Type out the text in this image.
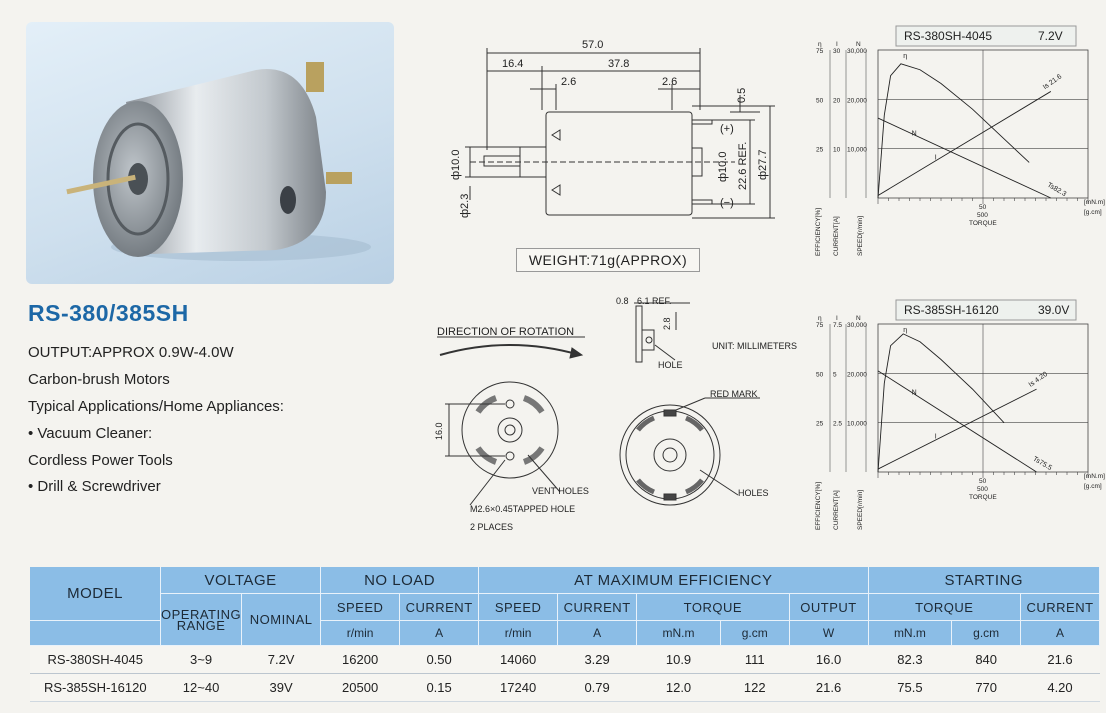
RS-380/385SH
OUTPUT:APPROX 0.9W-4.0W
Carbon-brush Motors
Typical Applications/Home Appliances:
• Vacuum Cleaner:
Cordless Power Tools
• Drill & Screwdriver
57.0
16.4	37.8
2.6	2.6
0.5
ф10.0
ф2.3
ф10.0 22.6 REF. ф27.7
(+)
(−)
0.8 6.1 REF.
2.8
HOLE
UNIT: MILLIMETERS
16.0
VENT HOLES
M2.6×0.45TAPPED HOLE
2 PLACES
RED MARK
HOLES
DIRECTION OF ROTATION
WEIGHT:71g(APPROX)
RS-380SH-4045	7.2V
η I	N
75 30 30,000
50 20 20,000
25 10 10,000
50
500
TORQUE
[mN.m]
[g.cm]
EFFICIENCY[%] CURRENT[A]	SPEED[r/min]
η
N
I
Is 21.6
Ts82.3
RS-385SH-16120	39.0V
η I	N
75 7.5 30,000
50 5 20,000
25 2.5 10,000
50
500
TORQUE
[mN.m]
[g.cm]
EFFICIENCY[%] CURRENT[A]	SPEED[r/min]
η
N
I
Is 4.20
Ts75.5
MODEL	VOLTAGE		NO LOAD		AT MAXIMUM EFFICIENCY					STARTING		
	OPERATING RANGE	NOMINAL	SPEED	CURRENT	SPEED	CURRENT	TORQUE		OUTPUT	TORQUE		CURRENT
			r/min	A	r/min	A	mN.m	g.cm	W	mN.m	g.cm	A
RS-380SH-4045	3~9	7.2V	16200	0.50	14060	3.29	10.9	111	16.0	82.3	840	21.6
RS-385SH-16120	12~40	39V	20500	0.15	17240	0.79	12.0	122	21.6	75.5	770	4.20
